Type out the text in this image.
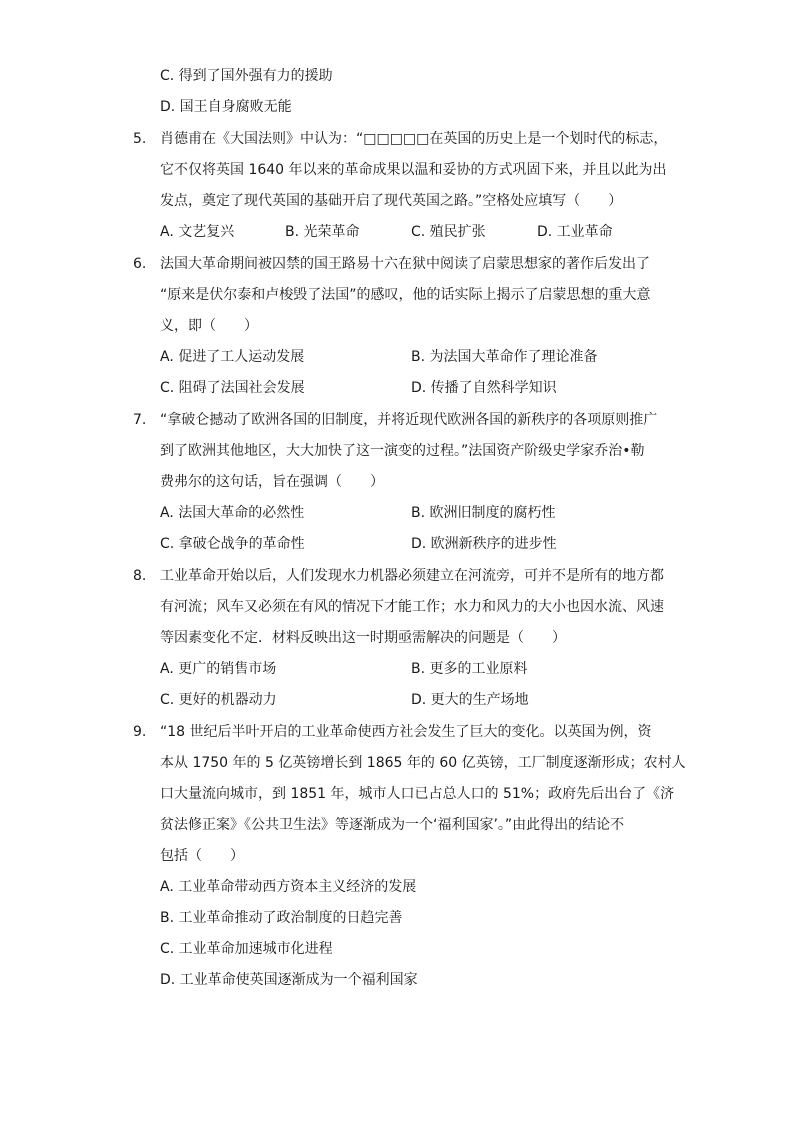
C. 得到了国外强有力的援助
D. 国王自身腐败无能
5. 肖德甫在《大国法则》中认为：“□□□□□在英国的历史上是一个划时代的标志，
它不仅将英国 1640 年以来的革命成果以温和妥协的方式巩固下来，并且以此为出
发点，奠定了现代英国的基础开启了现代英国之路。”空格处应填写（　　）
A. 文艺复兴	B. 光荣革命	C. 殖民扩张	D. 工业革命
6. 法国大革命期间被囚禁的国王路易十六在狱中阅读了启蒙思想家的著作后发出了
“原来是伏尔泰和卢梭毁了法国”的感叹，他的话实际上揭示了启蒙思想的重大意
义，即（　　）
A. 促进了工人运动发展	B. 为法国大革命作了理论准备
C. 阻碍了法国社会发展	D. 传播了自然科学知识
7. “拿破仑撼动了欧洲各国的旧制度，并将近现代欧洲各国的新秩序的各项原则推广
到了欧洲其他地区，大大加快了这一演变的过程。”法国资产阶级史学家乔治•勒
费弗尔的这句话，旨在强调（　　）
A. 法国大革命的必然性	B. 欧洲旧制度的腐朽性
C. 拿破仑战争的革命性	D. 欧洲新秩序的进步性
8. 工业革命开始以后，人们发现水力机器必须建立在河流旁，可并不是所有的地方都
有河流；风车又必须在有风的情况下才能工作；水力和风力的大小也因水流、风速
等因素变化不定．材料反映出这一时期亟需解决的问题是（　　）
A. 更广的销售市场	B. 更多的工业原料
C. 更好的机器动力	D. 更大的生产场地
9. “18 世纪后半叶开启的工业革命使西方社会发生了巨大的变化。以英国为例，资
本从 1750 年的 5 亿英镑增长到 1865 年的 60 亿英镑，工厂制度逐渐形成；农村人
口大量流向城市，到 1851 年，城市人口已占总人口的 51%；政府先后出台了《济
贫法修正案》《公共卫生法》等逐渐成为一个‘福利国家’。”由此得出的结论不
包括（　　）
A. 工业革命带动西方资本主义经济的发展
B. 工业革命推动了政治制度的日趋完善
C. 工业革命加速城市化进程
D. 工业革命使英国逐渐成为一个福利国家
